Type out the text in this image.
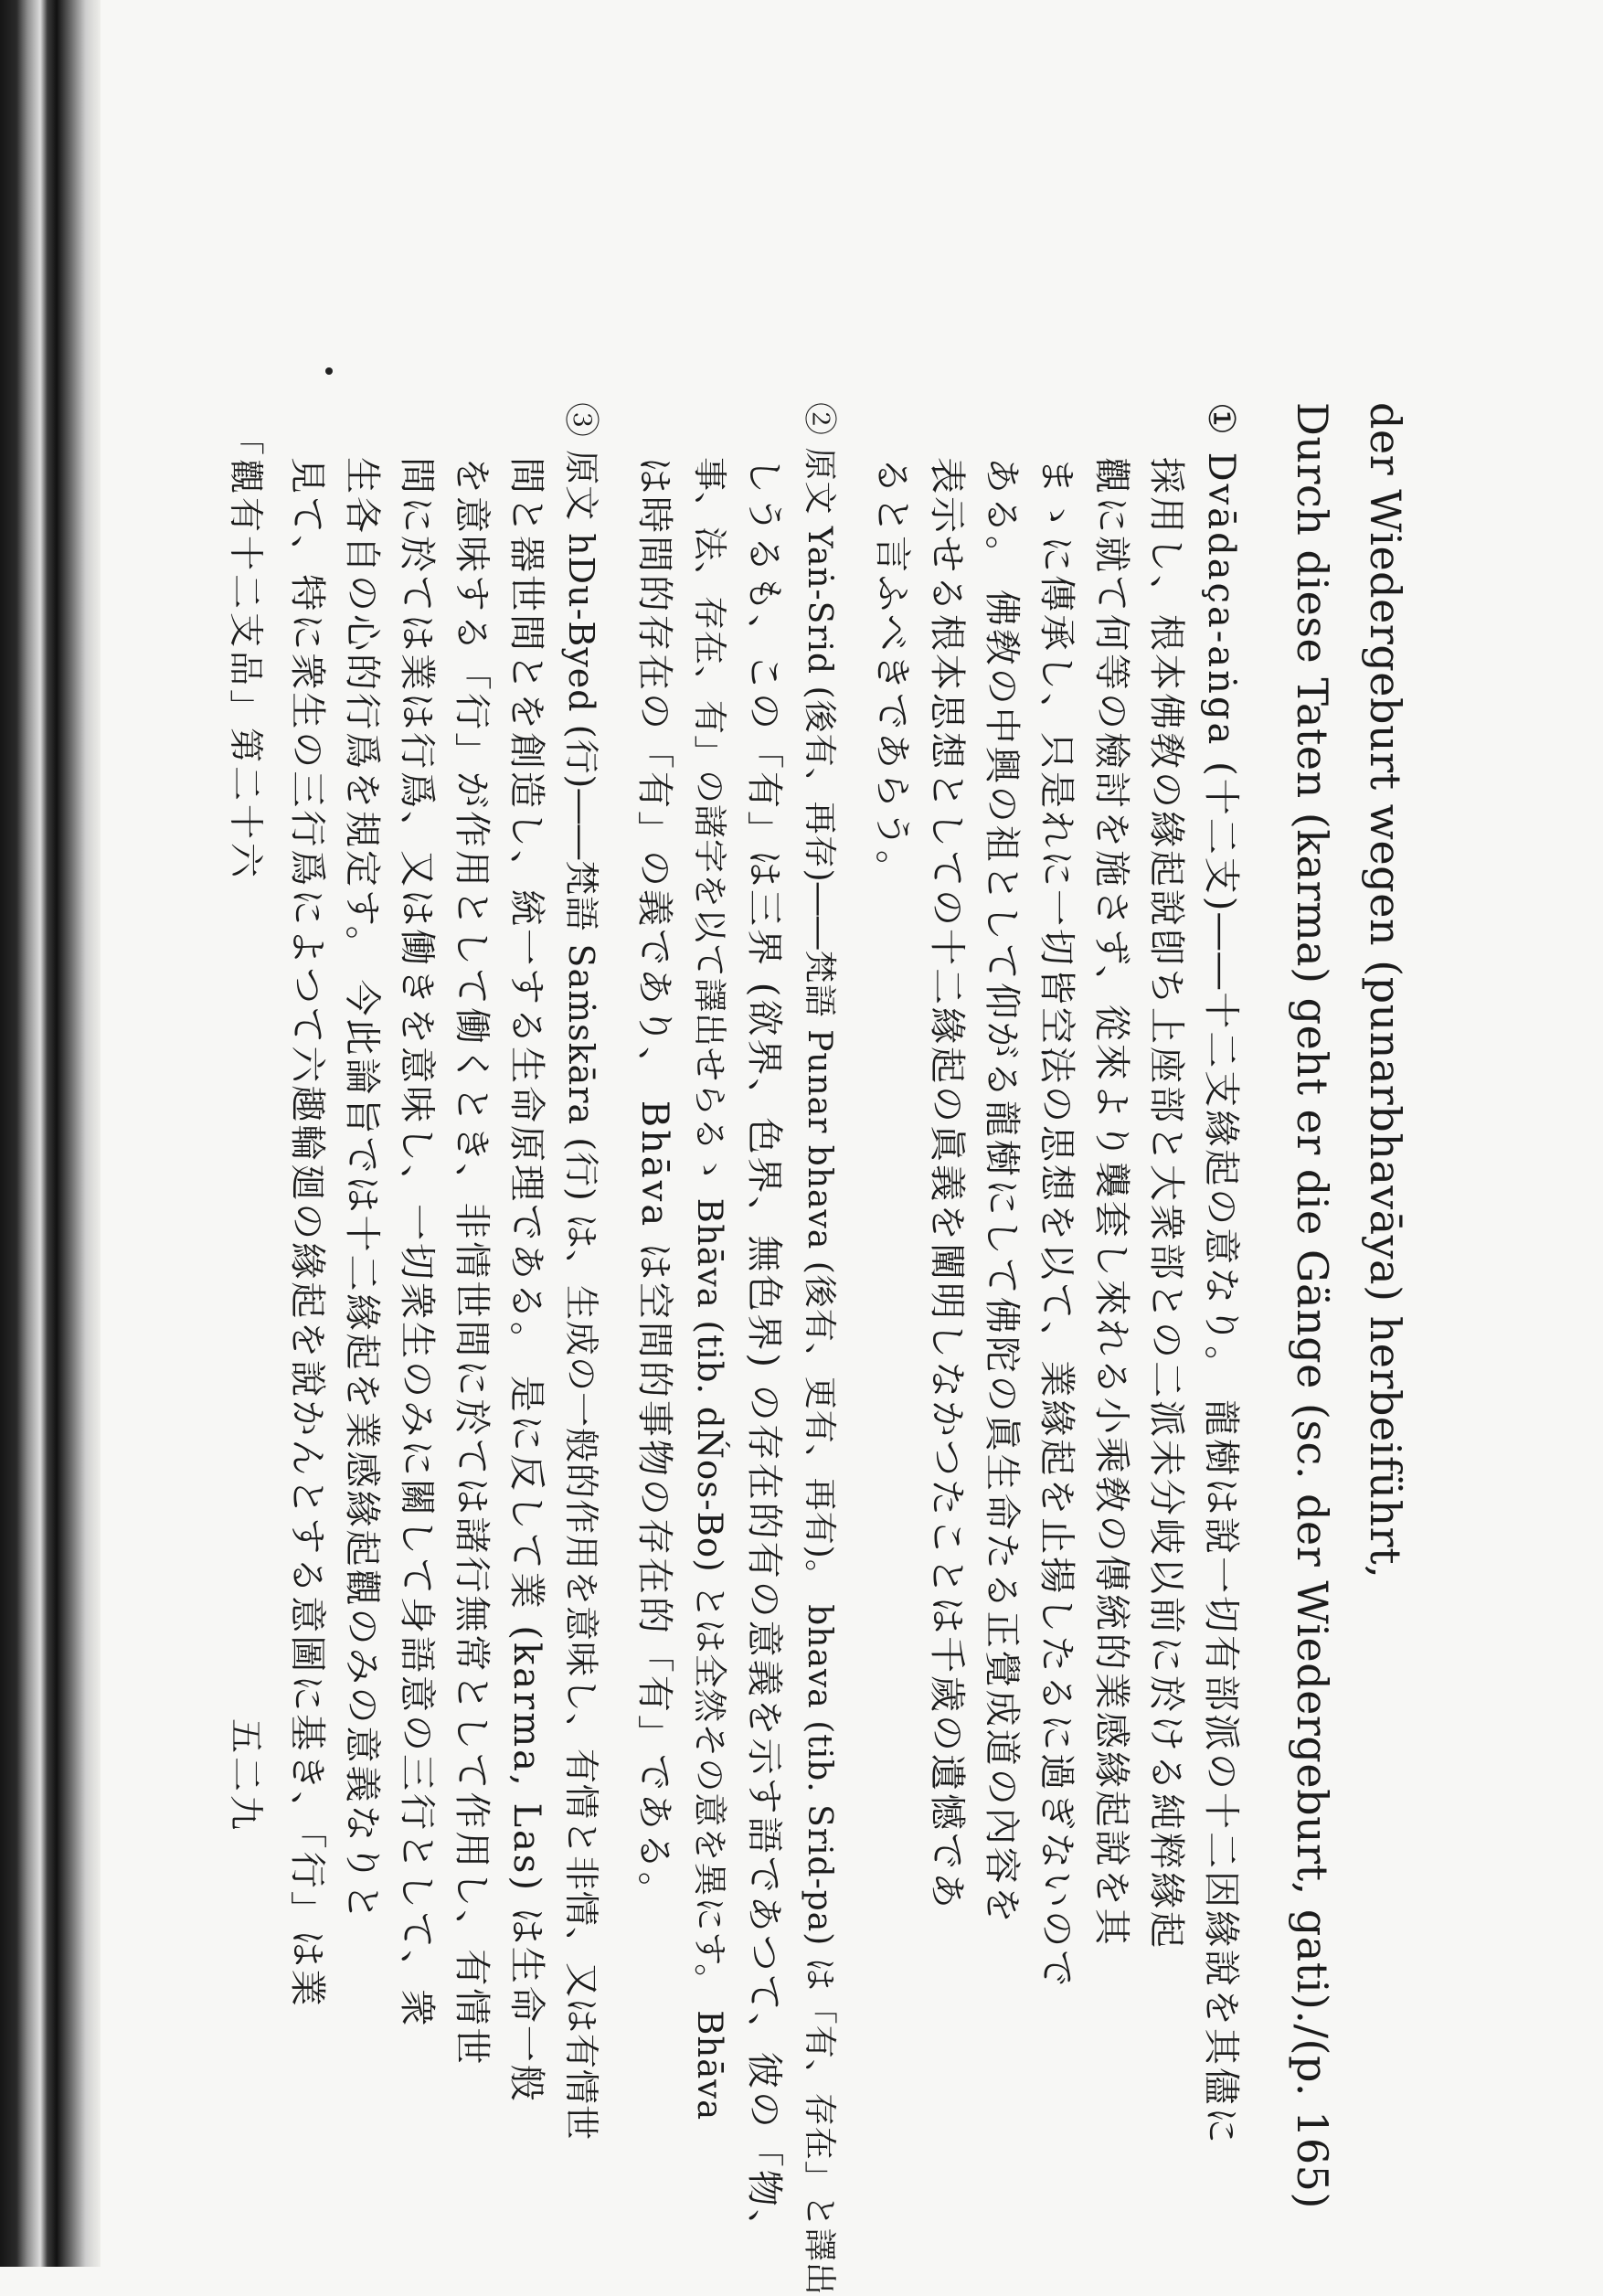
der Wiedergeburt wegen (punarbhavāya) herbeiführt,
Durch diese Taten (karma) geht er die Gänge (sc. der Wiedergeburt, gati)./(p. 165)
① Dvādaça-aṅga (十二支)――十二支緣起の意なり。 龍樹は說一切有部派の十二因緣說を其儘に
採用し、根本佛敎の緣起說卽ち上座部と大衆部との二派未分岐以前に於ける純粹緣起
觀に就て何等の檢討を施さず、從來より襲套し來れる小乘敎の傳統的業感緣起說を其
まゝに傳承し、只是れに一切皆空法の思想を以て、業緣起を止揚したるに過ぎないので
ある。 佛敎の中興の祖として仰がる龍樹にして佛陀の眞生命たる正覺成道の內容を
表示せる根本思想としての十二緣起の眞義を闡明しなかつたことは千歲の遺憾であ
ると言ふべきであらう。
② 原文 Yaṅ-Srid (後有、再存)――梵語 Punar bhava (後有、更有、再有)。 bhava (tib. Srid-pa) は「有、存在」と譯出
しうるも、この「有」は三界 (欲界、色界、無色界) の存在的有の意義を示す語であつて、彼の「物、
事、法、存在、有」の諸字を以て譯出せらるゝ Bhāva (tib. dŃos-Bo) とは全然その意を異にす。 Bhāva
は時間的存在の「有」の義であり、 Bhāva は空間的事物の存在的「有」である。
③ 原文 hDu-Byed (行)――梵語 Saṁskāra (行) は、生成の一般的作用を意味し、有情と非情、又は有情世
間と器世間とを創造し、統一する生命原理である。 是に反して業 (karma, Las) は生命一般
を意味する「行」が作用として働くとき、非情世間に於ては諸行無常として作用し、有情世
間に於ては業は行爲、又は働きを意味し、一切衆生のみに關して身語意の三行として、衆
生各自の心的行爲を規定す。 今此論旨では十二緣起を業感緣起觀のみの意義なりと
見て、特に衆生の三行爲によつて六趣輪廻の緣起を說かんとする意圖に基き、「行」は業
「觀有十二支品」第二十六
五二九
